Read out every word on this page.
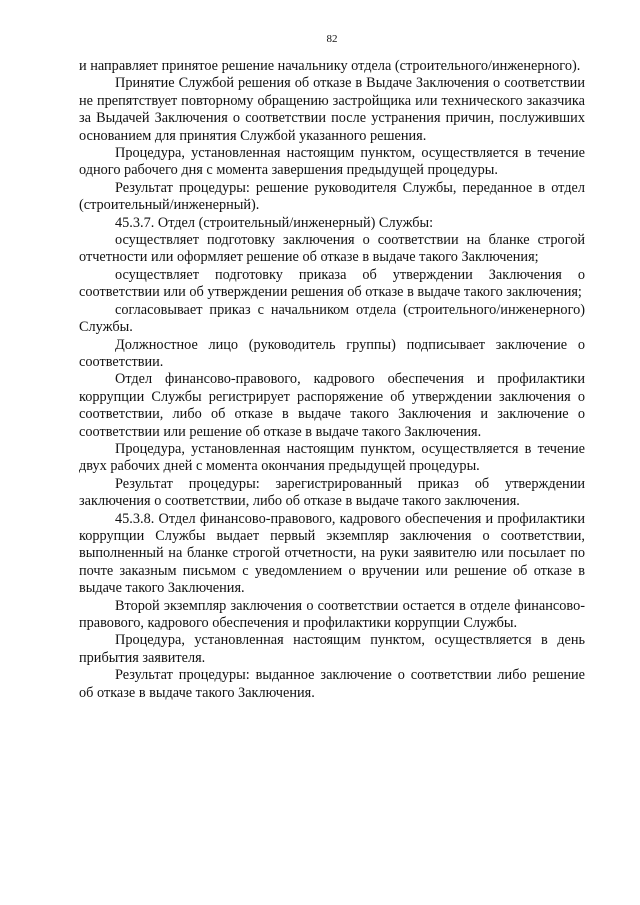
82

и направляет принятое решение начальнику отдела (строительного/инженерного).

Принятие Службой решения об отказе в Выдаче Заключения о соответствии не препятствует повторному обращению застройщика или технического заказчика за Выдачей Заключения о соответствии после устранения причин, послуживших основанием для принятия Службой указанного решения.

Процедура, установленная настоящим пунктом, осуществляется в течение одного рабочего дня с момента завершения предыдущей процедуры.

Результат процедуры: решение руководителя Службы, переданное в отдел (строительный/инженерный).

45.3.7. Отдел (строительный/инженерный) Службы:

осуществляет подготовку заключения о соответствии на бланке строгой отчетности или оформляет решение об отказе в выдаче такого Заключения;

осуществляет подготовку приказа об утверждении Заключения о соответствии или об утверждении решения об отказе в выдаче такого заключения;

согласовывает приказ с начальником отдела (строительного/инженерного) Службы.

Должностное лицо (руководитель группы) подписывает заключение о соответствии.

Отдел финансово-правового, кадрового обеспечения и профилактики коррупции Службы регистрирует распоряжение об утверждении заключения о соответствии, либо об отказе в выдаче такого Заключения и заключение о соответствии или решение об отказе в выдаче такого Заключения.

Процедура, установленная настоящим пунктом, осуществляется в течение двух рабочих дней с момента окончания предыдущей процедуры.

Результат процедуры: зарегистрированный приказ об утверждении заключения о соответствии, либо об отказе в выдаче такого заключения.

45.3.8. Отдел финансово-правового, кадрового обеспечения и профилактики коррупции Службы выдает первый экземпляр заключения о соответствии, выполненный на бланке строгой отчетности, на руки заявителю или посылает по почте заказным письмом с уведомлением о вручении или решение об отказе в выдаче такого Заключения.

Второй экземпляр заключения о соответствии остается в отделе финансово-правового, кадрового обеспечения и профилактики коррупции Службы.

Процедура, установленная настоящим пунктом, осуществляется в день прибытия заявителя.

Результат процедуры: выданное заключение о соответствии либо решение об отказе в выдаче такого Заключения.
